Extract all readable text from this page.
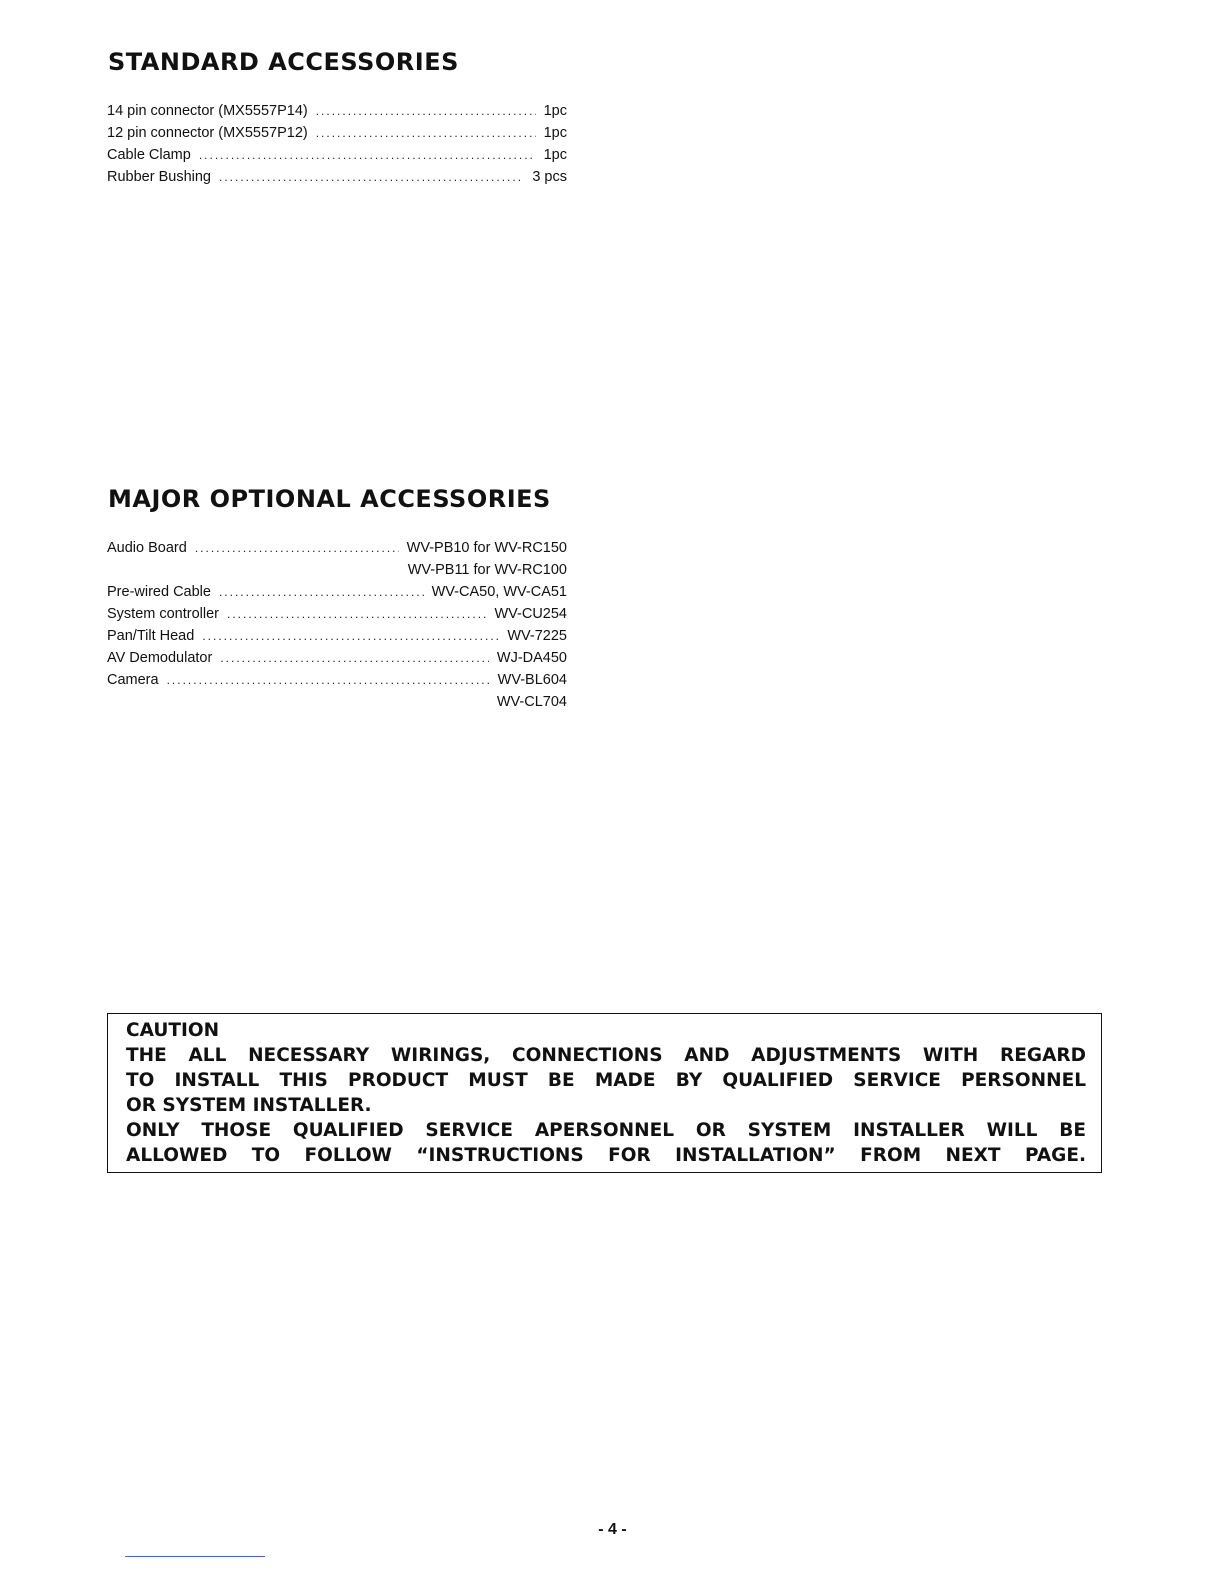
STANDARD ACCESSORIES
14 pin connector (MX5557P14) .....	1pc
12 pin connector (MX5557P12) .....	1pc
Cable Clamp .....	1pc
Rubber Bushing .....	3 pcs
MAJOR OPTIONAL ACCESSORIES
Audio Board .....	WV-PB10 for WV-RC150
WV-PB11 for WV-RC100
Pre-wired Cable .....	WV-CA50, WV-CA51
System controller .....	WV-CU254
Pan/Tilt Head .....	WV-7225
AV Demodulator .....	WJ-DA450
Camera .....	WV-BL604
WV-CL704
CAUTION
THE ALL NECESSARY WIRINGS, CONNECTIONS AND ADJUSTMENTS WITH REGARD
TO INSTALL THIS PRODUCT MUST BE MADE BY QUALIFIED SERVICE PERSONNEL
OR SYSTEM INSTALLER.
ONLY THOSE QUALIFIED SERVICE APERSONNEL OR SYSTEM INSTALLER WILL BE
ALLOWED TO FOLLOW “INSTRUCTIONS FOR INSTALLATION” FROM NEXT PAGE.
- 4 -
